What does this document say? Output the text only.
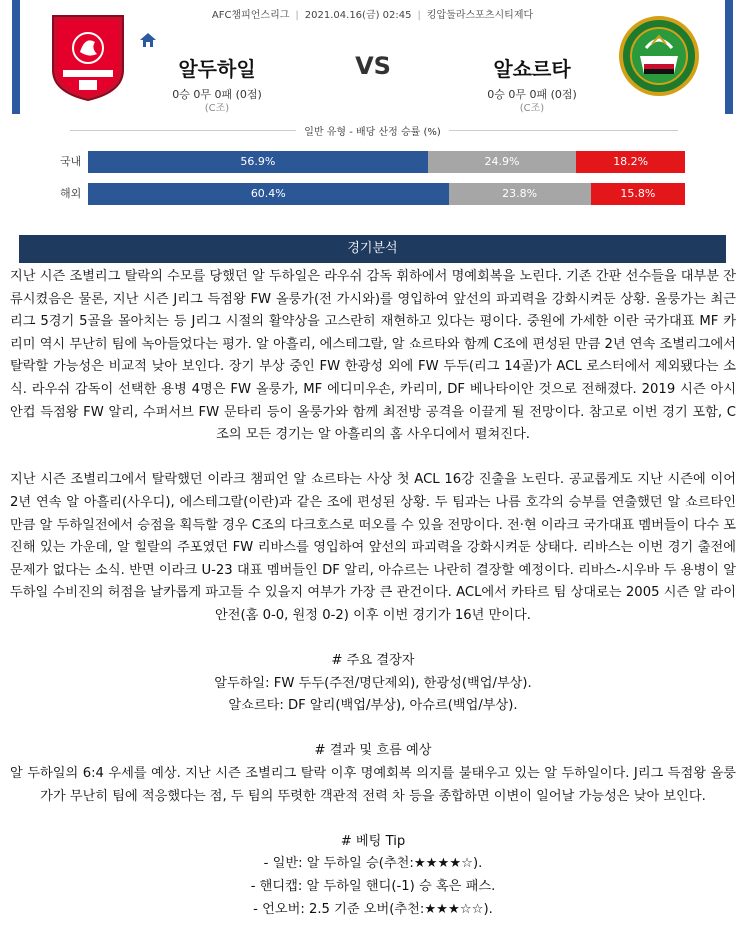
AFC챔피언스리그 | 2021.04.16(금) 02:45 | 킹압둘라스포츠시티제다
알두하일	VS	알쇼르타
0승 0무 0패 (0점)	0승 0무 0패 (0점)
(C조)	(C조)
일반 유형 - 배당 산정 승률 (%)
국내	56.9%	24.9%	18.2%
해외	60.4%	23.8%	15.8%
경기분석

지난 시즌 조별리그 탈락의 수모를 당했던 알 두하일은 라우쉬 감독 휘하에서 명예회복을 노린다. 기존 간판 선수들을 대부분 잔류시켰음은 물론, 지난 시즌 J리그 득점왕 FW 올룽가(전 가시와)를 영입하여 앞선의 파괴력을 강화시켜둔 상황. 올룽가는 최근 리그 5경기 5골을 몰아치는 등 J리그 시절의 활약상을 고스란히 재현하고 있다는 평이다. 중원에 가세한 이란 국가대표 MF 카리미 역시 무난히 팀에 녹아들었다는 평가. 알 아흘리, 에스테그랄, 알 쇼르타와 함께 C조에 편성된 만큼 2년 연속 조별리그에서 탈락할 가능성은 비교적 낮아 보인다. 장기 부상 중인 FW 한광성 외에 FW 두두(리그 14골)가 ACL 로스터에서 제외됐다는 소식. 라우쉬 감독이 선택한 용병 4명은 FW 올룽가, MF 에디미우손, 카리미, DF 베나타이안 것으로 전해졌다. 2019 시즌 아시안컵 득점왕 FW 알리, 수퍼서브 FW 문타리 등이 올룽가와 함께 최전방 공격을 이끌게 될 전망이다. 참고로 이번 경기 포함, C조의 모든 경기는 알 아흘리의 홈 사우디에서 펼쳐진다.

지난 시즌 조별리그에서 탈락했던 이라크 챔피언 알 쇼르타는 사상 첫 ACL 16강 진출을 노린다. 공교롭게도 지난 시즌에 이어 2년 연속 알 아흘리(사우디), 에스테그랄(이란)과 같은 조에 편성된 상황. 두 팀과는 나름 호각의 승부를 연출했던 알 쇼르타인 만큼 알 두하일전에서 승점을 획득할 경우 C조의 다크호스로 떠오를 수 있을 전망이다. 전·현 이라크 국가대표 멤버들이 다수 포진해 있는 가운데, 알 힐랄의 주포였던 FW 리바스를 영입하여 앞선의 파괴력을 강화시켜둔 상태다. 리바스는 이번 경기 출전에 문제가 없다는 소식. 반면 이라크 U-23 대표 멤버들인 DF 알리, 아슈르는 나란히 결장할 예정이다. 리바스-시우바 두 용병이 알 두하일 수비진의 허점을 날카롭게 파고들 수 있을지 여부가 가장 큰 관건이다. ACL에서 카타르 팀 상대로는 2005 시즌 알 라이안전(홈 0-0, 원정 0-2) 이후 이번 경기가 16년 만이다.

# 주요 결장자
알두하일: FW 두두(주전/명단제외), 한광성(백업/부상).
알쇼르타: DF 알리(백업/부상), 아슈르(백업/부상).
# 결과 및 흐름 예상
알 두하일의 6:4 우세를 예상. 지난 시즌 조별리그 탈락 이후 명예회복 의지를 불태우고 있는 알 두하일이다. J리그 득점왕 올룽가가 무난히 팀에 적응했다는 점, 두 팀의 뚜렷한 객관적 전력 차 등을 종합하면 이변이 일어날 가능성은 낮아 보인다.
# 베팅 Tip
- 일반: 알 두하일 승(추천:★★★★☆).
- 핸디캡: 알 두하일 핸디(-1) 승 혹은 패스.
- 언오버: 2.5 기준 오버(추천:★★★☆☆).
